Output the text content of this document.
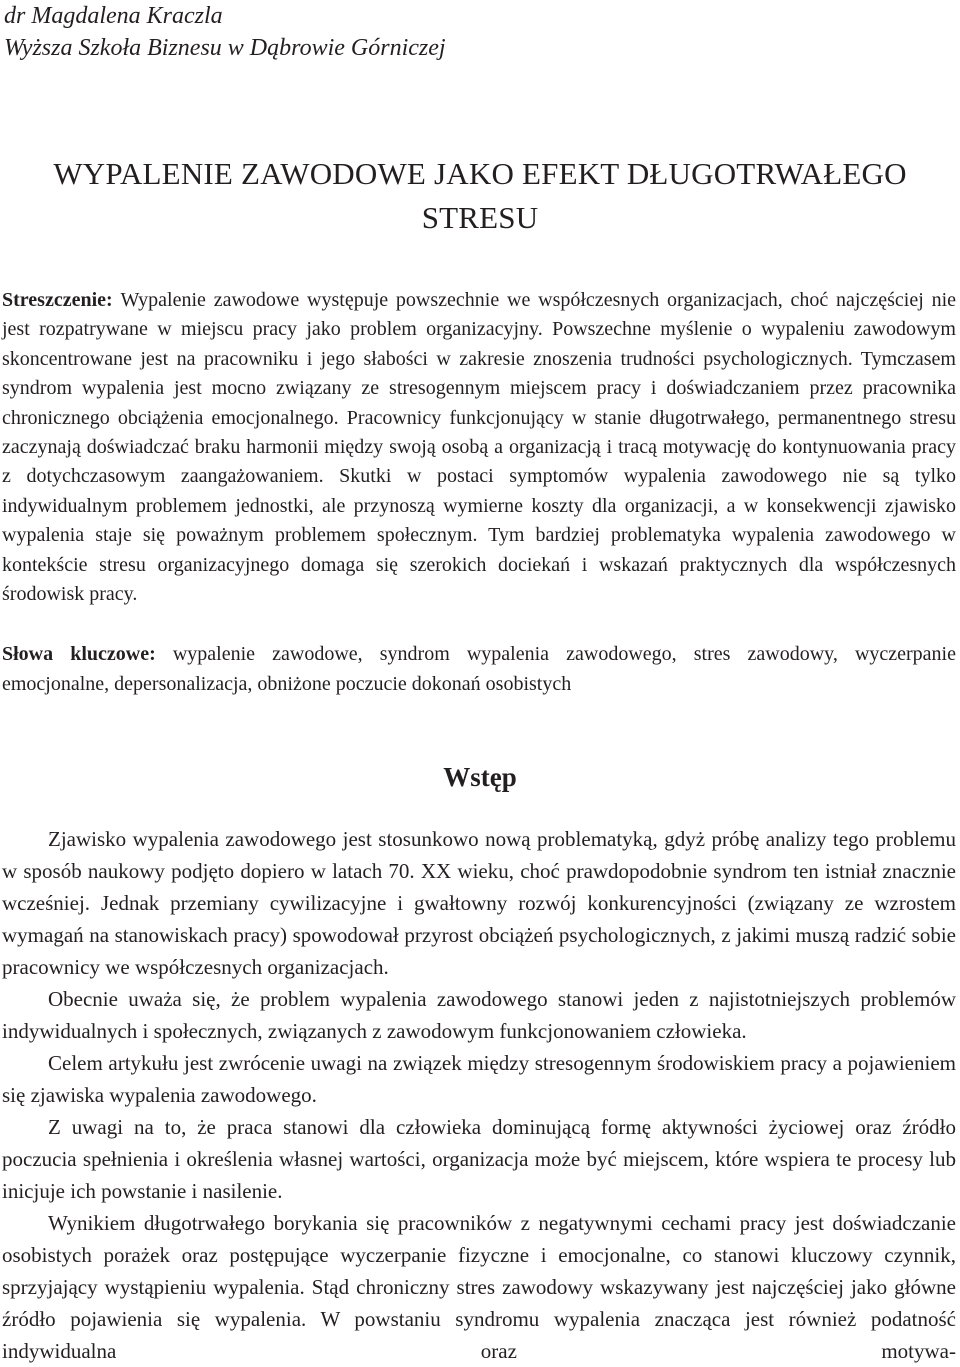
dr Magdalena Kraczla
Wyższa Szkoła Biznesu w Dąbrowie Górniczej
WYPALENIE ZAWODOWE JAKO EFEKT DŁUGOTRWAŁEGO STRESU
Streszczenie: Wypalenie zawodowe występuje powszechnie we współczesnych organizacjach, choć najczęściej nie jest rozpatrywane w miejscu pracy jako problem organizacyjny. Powszechne myślenie o wypaleniu zawodowym skoncentrowane jest na pracowniku i jego słabości w zakresie znoszenia trudności psychologicznych. Tymczasem syndrom wypalenia jest mocno związany ze stresogennym miejscem pracy i doświadczaniem przez pracownika chronicznego obciążenia emocjonalnego. Pracownicy funkcjonujący w stanie długotrwałego, permanentnego stresu zaczynają doświadczać braku harmonii między swoją osobą a organizacją i tracą motywację do kontynuowania pracy z dotychczasowym zaangażowaniem. Skutki w postaci symptomów wypalenia zawodowego nie są tylko indywidualnym problemem jednostki, ale przynoszą wymierne koszty dla organizacji, a w konsekwencji zjawisko wypalenia staje się poważnym problemem społecznym. Tym bardziej problematyka wypalenia zawodowego w kontekście stresu organizacyjnego domaga się szerokich dociekań i wskazań praktycznych dla współczesnych środowisk pracy.
Słowa kluczowe: wypalenie zawodowe, syndrom wypalenia zawodowego, stres zawodowy, wyczerpanie emocjonalne, depersonalizacja, obniżone poczucie dokonań osobistych
Wstęp

Zjawisko wypalenia zawodowego jest stosunkowo nową problematyką, gdyż próbę analizy tego problemu w sposób naukowy podjęto dopiero w latach 70. XX wieku, choć prawdopodobnie syndrom ten istniał znacznie wcześniej. Jednak przemiany cywilizacyjne i gwałtowny rozwój konkurencyjności (związany ze wzrostem wymagań na stanowiskach pracy) spowodował przyrost obciążeń psychologicznych, z jakimi muszą radzić sobie pracownicy we współczesnych organizacjach.

Obecnie uważa się, że problem wypalenia zawodowego stanowi jeden z najistotniejszych problemów indywidualnych i społecznych, związanych z zawodowym funkcjonowaniem człowieka.

Celem artykułu jest zwrócenie uwagi na związek między stresogennym środowiskiem pracy a pojawieniem się zjawiska wypalenia zawodowego.

Z uwagi na to, że praca stanowi dla człowieka dominującą formę aktywności życiowej oraz źródło poczucia spełnienia i określenia własnej wartości, organizacja może być miejscem, które wspiera te procesy lub inicjuje ich powstanie i nasilenie.

Wynikiem długotrwałego borykania się pracowników z negatywnymi cechami pracy jest doświadczanie osobistych porażek oraz postępujące wyczerpanie fizyczne i emocjonalne, co stanowi kluczowy czynnik, sprzyjający wystąpieniu wypalenia. Stąd chroniczny stres zawodowy wskazywany jest najczęściej jako główne źródło pojawienia się wypalenia. W powstaniu syndromu wypalenia znacząca jest również podatność indywidualna oraz motywa-
